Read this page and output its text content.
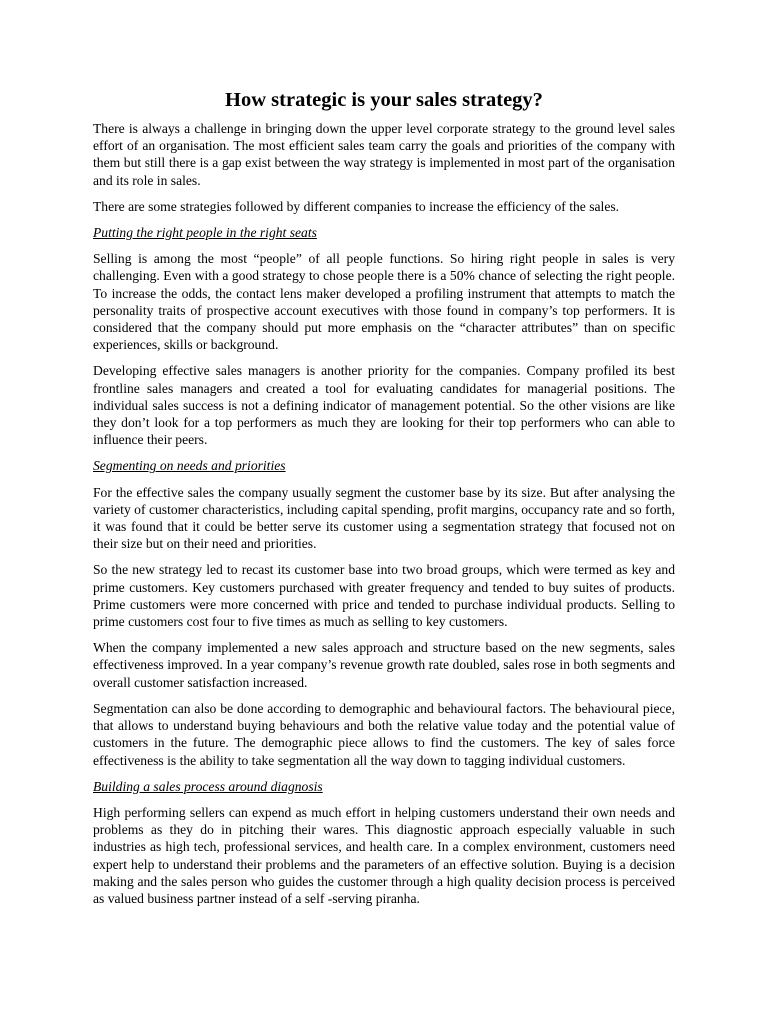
How strategic is your sales strategy?

There is always a challenge in bringing down the upper level corporate strategy to the ground level sales effort of an organisation. The most efficient sales team carry the goals and priorities of the company with them but still there is a gap exist between the way strategy is implemented in most part of the organisation and its role in sales.

There are some strategies followed by different companies to increase the efficiency of the sales.

Putting the right people in the right seats

Selling is among the most “people” of all people functions. So hiring right people in sales is very challenging. Even with a good strategy to chose people there is a 50% chance of selecting the right people. To increase the odds, the contact lens maker developed a profiling instrument that attempts to match the personality traits of prospective account executives with those found in company’s top performers. It is considered that the company should put more emphasis on the “character attributes” than on specific experiences, skills or background.

Developing effective sales managers is another priority for the companies. Company profiled its best frontline sales managers and created a tool for evaluating candidates for managerial positions. The individual sales success is not a defining indicator of management potential. So the other visions are like they don’t look for a top performers as much they are looking for their top performers who can able to influence their peers.

Segmenting on needs and priorities

For the effective sales the company usually segment the customer base by its size. But after analysing the variety of customer characteristics, including capital spending, profit margins, occupancy rate and so forth, it was found that it could be better serve its customer using a segmentation strategy that focused not on their size but on their need and priorities.

So the new strategy led to recast its customer base into two broad groups, which were termed as key and prime customers. Key customers purchased with greater frequency and tended to buy suites of products. Prime customers were more concerned with price and tended to purchase individual products. Selling to prime customers cost four to five times as much as selling to key customers.

When the company implemented a new sales approach and structure based on the new segments, sales effectiveness improved. In a year company’s revenue growth rate doubled, sales rose in both segments and overall customer satisfaction increased.

Segmentation can also be done according to demographic and behavioural factors. The behavioural piece, that allows to understand buying behaviours and both the relative value today and the potential value of customers in the future. The demographic piece allows to find the customers. The key of sales force effectiveness is the ability to take segmentation all the way down to tagging individual customers.

Building a sales process around diagnosis

High performing sellers can expend as much effort in helping customers understand their own needs and problems as they do in pitching their wares. This diagnostic approach especially valuable in such industries as high tech, professional services, and health care. In a complex environment, customers need expert help to understand their problems and the parameters of an effective solution. Buying is a decision making and the sales person who guides the customer through a high quality decision process is perceived as valued business partner instead of a self -serving piranha.
